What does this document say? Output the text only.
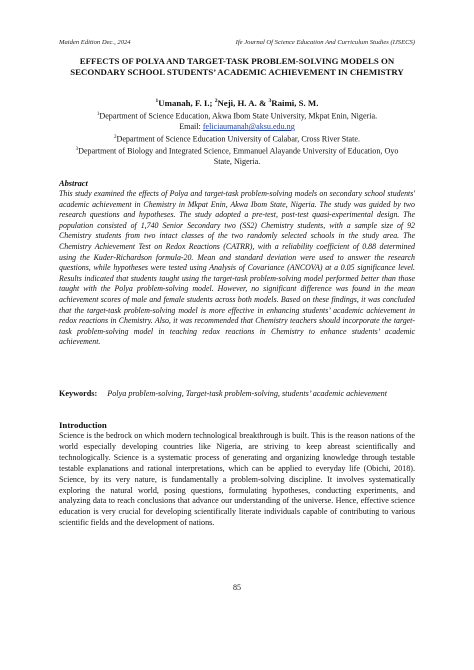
Maiden Edition Dec., 2024	Ife Journal Of Science Education And Curriculum Studies (IJSECS)
EFFECTS OF POLYA AND TARGET-TASK PROBLEM-SOLVING MODELS ON SECONDARY SCHOOL STUDENTS’ ACADEMIC ACHIEVEMENT IN CHEMISTRY
$^1$Umanah, F. I.; $^2$Neji, H. A. & $^3$Raimi, S. M.
$^1$Department of Science Education, Akwa Ibom State University, Mkpat Enin, Nigeria.
Email: feliciaumanah@aksu.edu.ng
$^2$Department of Science Education University of Calabar, Cross River State.
$^3$Department of Biology and Integrated Science, Emmanuel Alayande University of Education, Oyo State, Nigeria.
Abstract
This study examined the effects of Polya and target-task problem-solving models on secondary school students' academic achievement in Chemistry in Mkpat Enin, Akwa Ibom State, Nigeria. The study was guided by two research questions and hypotheses. The study adopted a pre-test, post-test quasi-experimental design. The population consisted of 1,740 Senior Secondary two (SS2) Chemistry students, with a sample size of 92 Chemistry students from two intact classes of the two randomly selected schools in the study area. The Chemistry Achievement Test on Redox Reactions (CATRR), with a reliability coefficient of 0.88 determined using the Kuder-Richardson formula-20. Mean and standard deviation were used to answer the research questions, while hypotheses were tested using Analysis of Covariance (ANCOVA) at a 0.05 significance level. Results indicated that students taught using the target-task problem-solving model performed better than those taught with the Polya problem-solving model. However, no significant difference was found in the mean achievement scores of male and female students across both models. Based on these findings, it was concluded that the target-task problem-solving model is more effective in enhancing students’ academic achievement in redox reactions in Chemistry. Also, it was recommended that Chemistry teachers should incorporate the target-task problem-solving model in teaching redox reactions in Chemistry to enhance students’ academic achievement.
Keywords: Polya problem-solving, Target-task problem-solving, students’ academic achievement
Introduction
Science is the bedrock on which modern technological breakthrough is built. This is the reason nations of the world especially developing countries like Nigeria, are striving to keep abreast scientifically and technologically. Science is a systematic process of generating and organizing knowledge through testable testable explanations and rational interpretations, which can be applied to everyday life (Obichi, 2018). Science, by its very nature, is fundamentally a problem-solving discipline. It involves systematically exploring the natural world, posing questions, formulating hypotheses, conducting experiments, and analyzing data to reach conclusions that advance our understanding of the universe. Hence, effective science education is very crucial for developing scientifically literate individuals capable of contributing to various scientific fields and the development of nations.
85
